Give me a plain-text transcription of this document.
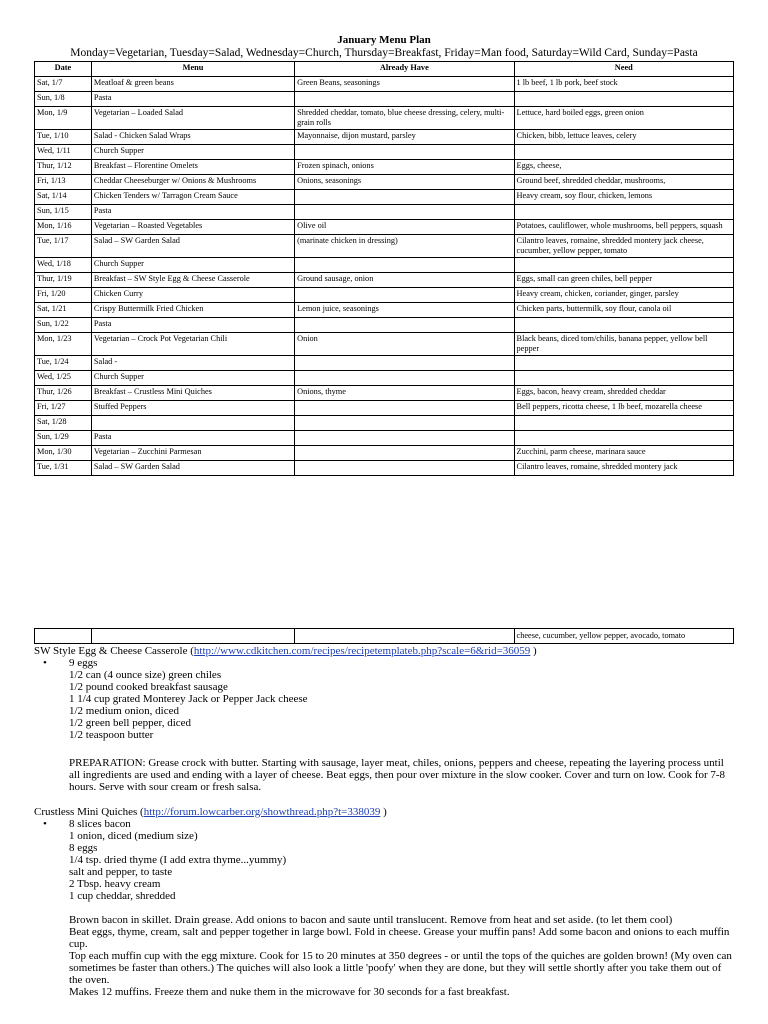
January Menu Plan
Monday=Vegetarian, Tuesday=Salad, Wednesday=Church, Thursday=Breakfast, Friday=Man food, Saturday=Wild Card, Sunday=Pasta
Date	Menu	Already Have	Need
Sat, 1/7	Meatloaf & green beans	Green Beans, seasonings	1 lb beef, 1 lb pork, beef stock
Sun, 1/8	Pasta		
Mon, 1/9	Vegetarian – Loaded Salad	Shredded cheddar, tomato, blue cheese dressing, celery, multi-grain rolls	Lettuce, hard boiled eggs, green onion
Tue, 1/10	Salad - Chicken Salad Wraps	Mayonnaise, dijon mustard, parsley	Chicken, bibb, lettuce leaves, celery
Wed, 1/11	Church Supper		
Thur, 1/12	Breakfast – Florentine Omelets	Frozen spinach, onions	Eggs, cheese,
Fri, 1/13	Cheddar Cheeseburger w/ Onions & Mushrooms	Onions, seasonings	Ground beef, shredded cheddar, mushrooms,
Sat, 1/14	Chicken Tenders w/ Tarragon Cream Sauce		Heavy cream, soy flour, chicken, lemons
Sun, 1/15	Pasta		
Mon, 1/16	Vegetarian – Roasted Vegetables	Olive oil	Potatoes, cauliflower, whole mushrooms, bell peppers, squash
Tue, 1/17	Salad – SW Garden Salad	(marinate chicken in dressing)	Cilantro leaves, romaine, shredded montery jack cheese, cucumber, yellow pepper, tomato
Wed, 1/18	Church Supper		
Thur, 1/19	Breakfast – SW Style Egg & Cheese Casserole	Ground sausage, onion	Eggs, small can green chiles, bell pepper
Fri, 1/20	Chicken Curry		Heavy cream, chicken, coriander, ginger, parsley
Sat, 1/21	Crispy Buttermilk Fried Chicken	Lemon juice, seasonings	Chicken parts, buttermilk, soy flour, canola oil
Sun, 1/22	Pasta		
Mon, 1/23	Vegetarian – Crock Pot Vegetarian Chili	Onion	Black beans, diced tom/chilis, banana pepper, yellow bell pepper
Tue, 1/24	Salad -		
Wed, 1/25	Church Supper		
Thur, 1/26	Breakfast – Crustless Mini Quiches	Onions, thyme	Eggs, bacon, heavy cream, shredded cheddar
Fri, 1/27	Stuffed Peppers		Bell peppers, ricotta cheese, 1 lb beef, mozarella cheese
Sat, 1/28			
Sun, 1/29	Pasta		
Mon, 1/30	Vegetarian – Zucchini Parmesan		Zucchini, parm cheese, marinara sauce
Tue, 1/31	Salad – SW Garden Salad		Cilantro leaves, romaine, shredded montery jack
			cheese, cucumber, yellow pepper, avocado, tomato
SW Style Egg & Cheese Casserole (http://www.cdkitchen.com/recipes/recipetemplateb.php?scale=6&rid=36059 )
• 9 eggs
1/2 can (4 ounce size) green chiles
1/2 pound cooked breakfast sausage
1 1/4 cup grated Monterey Jack or Pepper Jack cheese
1/2 medium onion, diced
1/2 green bell pepper, diced
1/2 teaspoon butter
PREPARATION: Grease crock with butter. Starting with sausage, layer meat, chiles, onions, peppers and cheese, repeating the layering process until all ingredients are used and ending with a layer of cheese. Beat eggs, then pour over mixture in the slow cooker. Cover and turn on low. Cook for 7-8 hours. Serve with sour cream or fresh salsa.
Crustless Mini Quiches (http://forum.lowcarber.org/showthread.php?t=338039 )
• 8 slices bacon
1 onion, diced (medium size)
8 eggs
1/4 tsp. dried thyme (I add extra thyme...yummy)
salt and pepper, to taste
2 Tbsp. heavy cream
1 cup cheddar, shredded
Brown bacon in skillet. Drain grease. Add onions to bacon and saute until translucent. Remove from heat and set aside. (to let them cool)
Beat eggs, thyme, cream, salt and pepper together in large bowl. Fold in cheese. Grease your muffin pans! Add some bacon and onions to each muffin cup.
Top each muffin cup with the egg mixture. Cook for 15 to 20 minutes at 350 degrees - or until the tops of the quiches are golden brown! (My oven can sometimes be faster than others.) The quiches will also look a little 'poofy' when they are done, but they will settle shortly after you take them out of the oven.
Makes 12 muffins. Freeze them and nuke them in the microwave for 30 seconds for a fast breakfast.
